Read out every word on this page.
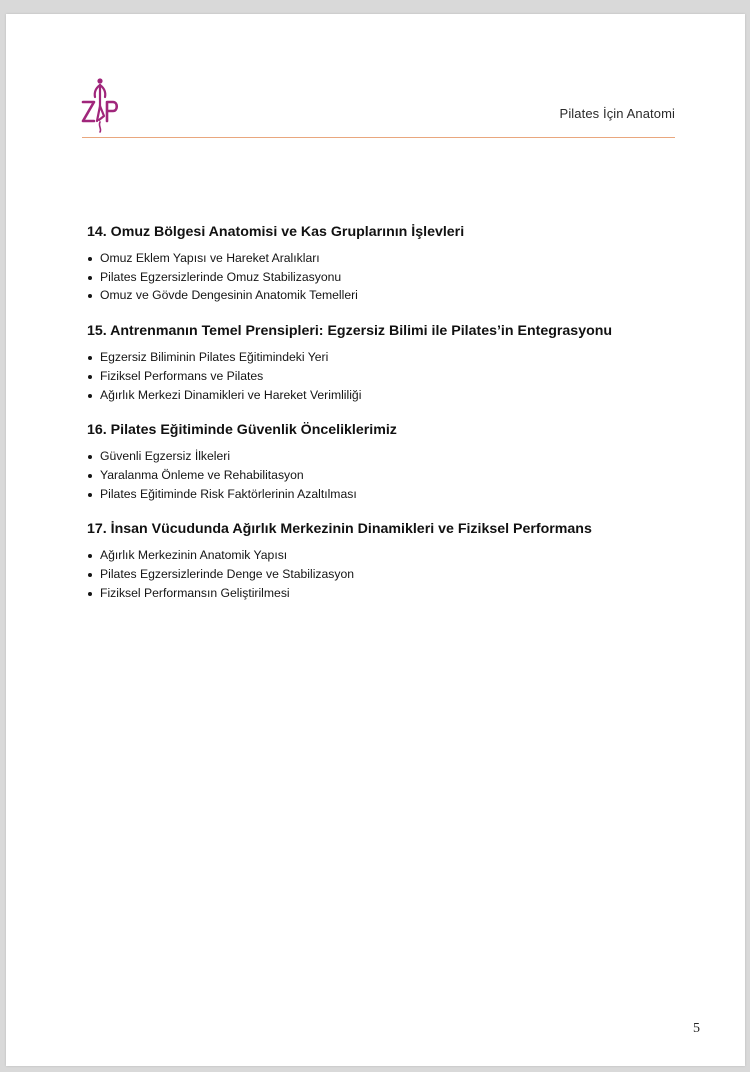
Pilates İçin Anatomi
14. Omuz Bölgesi Anatomisi ve Kas Gruplarının İşlevleri
Omuz Eklem Yapısı ve Hareket Aralıkları
Pilates Egzersizlerinde Omuz Stabilizasyonu
Omuz ve Gövde Dengesinin Anatomik Temelleri
15. Antrenmanın Temel Prensipleri: Egzersiz Bilimi ile Pilates’in Entegrasyonu
Egzersiz Biliminin Pilates Eğitimindeki Yeri
Fiziksel Performans ve Pilates
Ağırlık Merkezi Dinamikleri ve Hareket Verimliliği
16. Pilates Eğitiminde Güvenlik Önceliklerimiz
Güvenli Egzersiz İlkeleri
Yaralanma Önleme ve Rehabilitasyon
Pilates Eğitiminde Risk Faktörlerinin Azaltılması
17. İnsan Vücudunda Ağırlık Merkezinin Dinamikleri ve Fiziksel Performans
Ağırlık Merkezinin Anatomik Yapısı
Pilates Egzersizlerinde Denge ve Stabilizasyon
Fiziksel Performansın Geliştirilmesi
5
